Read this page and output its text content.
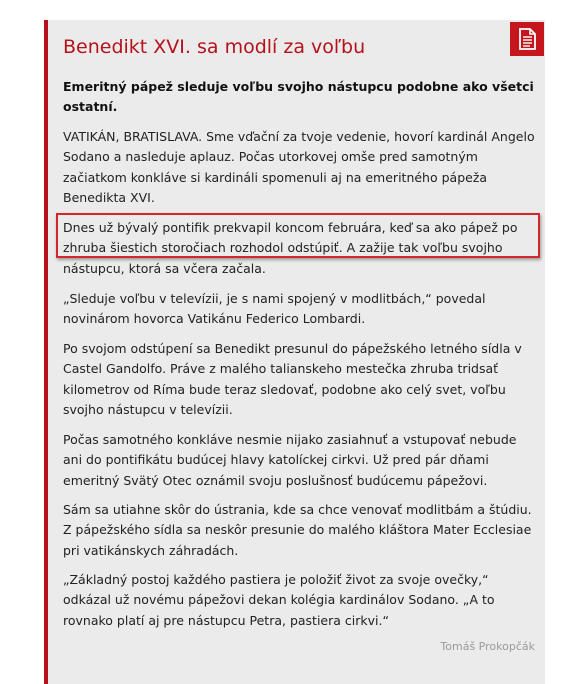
Benedikt XVI. sa modlí za voľbu

Emeritný pápež sleduje voľbu svojho nástupcu podobne ako všetci ostatní.

VATIKÁN, BRATISLAVA. Sme vďační za tvoje vedenie, hovorí kardinál Angelo Sodano a nasleduje aplauz. Počas utorkovej omše pred samotným začiatkom konkláve si kardináli spomenuli aj na emeritného pápeža Benedikta XVI.

Dnes už bývalý pontifik prekvapil koncom februára, keď sa ako pápež po zhruba šiestich storočiach rozhodol odstúpiť. A zažije tak voľbu svojho nástupcu, ktorá sa včera začala.

„Sleduje voľbu v televízii, je s nami spojený v modlitbách,“ povedal novinárom hovorca Vatikánu Federico Lombardi.

Po svojom odstúpení sa Benedikt presunul do pápežského letného sídla v Castel Gandolfo. Práve z malého talianskeho mestečka zhruba tridsať kilometrov od Ríma bude teraz sledovať, podobne ako celý svet, voľbu svojho nástupcu v televízii.

Počas samotného konkláve nesmie nijako zasiahnuť a vstupovať nebude ani do pontifikátu budúcej hlavy katolíckej cirkvi. Už pred pár dňami emeritný Svätý Otec oznámil svoju poslušnosť budúcemu pápežovi.

Sám sa utiahne skôr do ústrania, kde sa chce venovať modlitbám a štúdiu. Z pápežského sídla sa neskôr presunie do malého kláštora Mater Ecclesiae pri vatikánskych záhradách.

„Základný postoj každého pastiera je položiť život za svoje ovečky,“ odkázal už novému pápežovi dekan kolégia kardinálov Sodano. „A to rovnako platí aj pre nástupcu Petra, pastiera cirkvi.“

Tomáš Prokopčák
